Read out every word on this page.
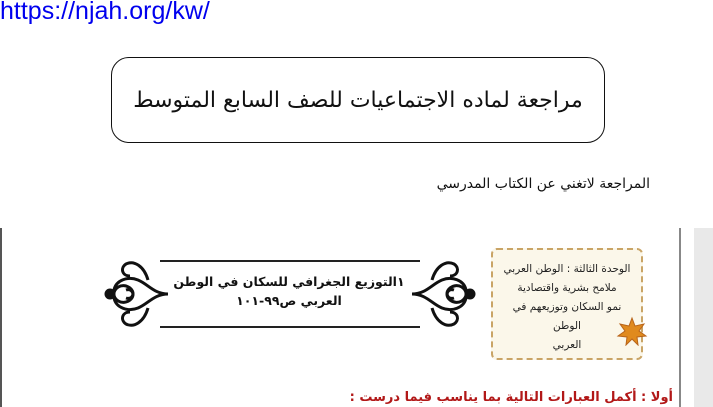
https://njah.org/kw/
مراجعة لماده الاجتماعيات للصف السابع المتوسط
المراجعة لاتغني عن الكتاب المدرسي
١التوزيع الجغرافي للسكان في الوطن
العربي ص٩٩-١٠١
الوحدة الثالثة : الوطن العربي
ملامح بشرية واقتصادية
نمو السكان وتوزيعهم في الوطن
العربي
أولا : أكمل العبارات التالية بما يناسب فيما درست :
